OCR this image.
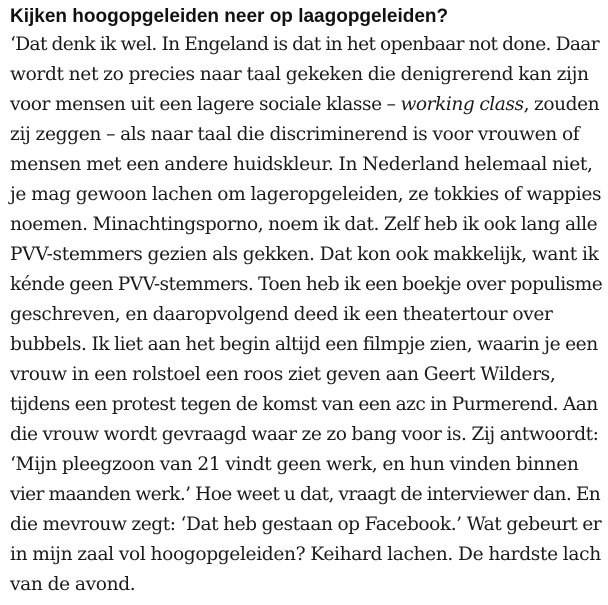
Kijken hoogopgeleiden neer op laagopgeleiden?

‘Dat denk ik wel. In Engeland is dat in het openbaar not done. Daar
wordt net zo precies naar taal gekeken die denigrerend kan zijn
voor mensen uit een lagere sociale klasse – working class, zouden
zij zeggen – als naar taal die discriminerend is voor vrouwen of
mensen met een andere huidskleur. In Nederland helemaal niet,
je mag gewoon lachen om lageropgeleiden, ze tokkies of wappies
noemen. Minachtingsporno, noem ik dat. Zelf heb ik ook lang alle
PVV-stemmers gezien als gekken. Dat kon ook makkelijk, want ik
kénde geen PVV-stemmers. Toen heb ik een boekje over populisme
geschreven, en daaropvolgend deed ik een theatertour over
bubbels. Ik liet aan het begin altijd een filmpje zien, waarin je een
vrouw in een rolstoel een roos ziet geven aan Geert Wilders,
tijdens een protest tegen de komst van een azc in Purmerend. Aan
die vrouw wordt gevraagd waar ze zo bang voor is. Zij antwoordt:
‘Mijn pleegzoon van 21 vindt geen werk, en hun vinden binnen
vier maanden werk.’ Hoe weet u dat, vraagt de interviewer dan. En
die mevrouw zegt: ‘Dat heb gestaan op Facebook.’ Wat gebeurt er
in mijn zaal vol hoogopgeleiden? Keihard lachen. De hardste lach
van de avond.
